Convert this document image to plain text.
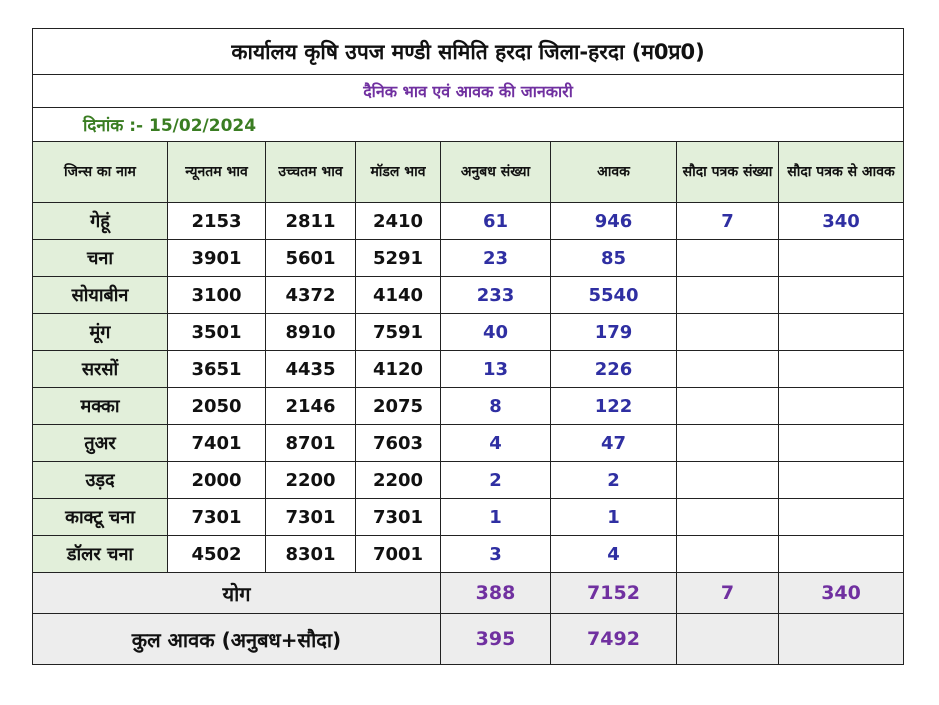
कार्यालय कृषि उपज मण्डी समिति हरदा जिला-हरदा (म0प्र0)							
दैनिक भाव एवं आवक की जानकारी							
दिनांक :- 15/02/2024							
जिन्स का नाम	न्यूनतम भाव	उच्चतम भाव	मॉडल भाव	अनुबध संख्या	आवक	सौदा पत्रक संख्या	सौदा पत्रक से आवक
गेहूं	2153	2811	2410	61	946	7	340
चना	3901	5601	5291	23	85		
सोयाबीन	3100	4372	4140	233	5540		
मूंग	3501	8910	7591	40	179		
सरसों	3651	4435	4120	13	226		
मक्का	2050	2146	2075	8	122		
तुअर	7401	8701	7603	4	47		
उड़द	2000	2200	2200	2	2		
काक्टू चना	7301	7301	7301	1	1		
डॉलर चना	4502	8301	7001	3	4		
योग				388	7152	7	340
कुल आवक (अनुबध+सौदा)				395	7492		
